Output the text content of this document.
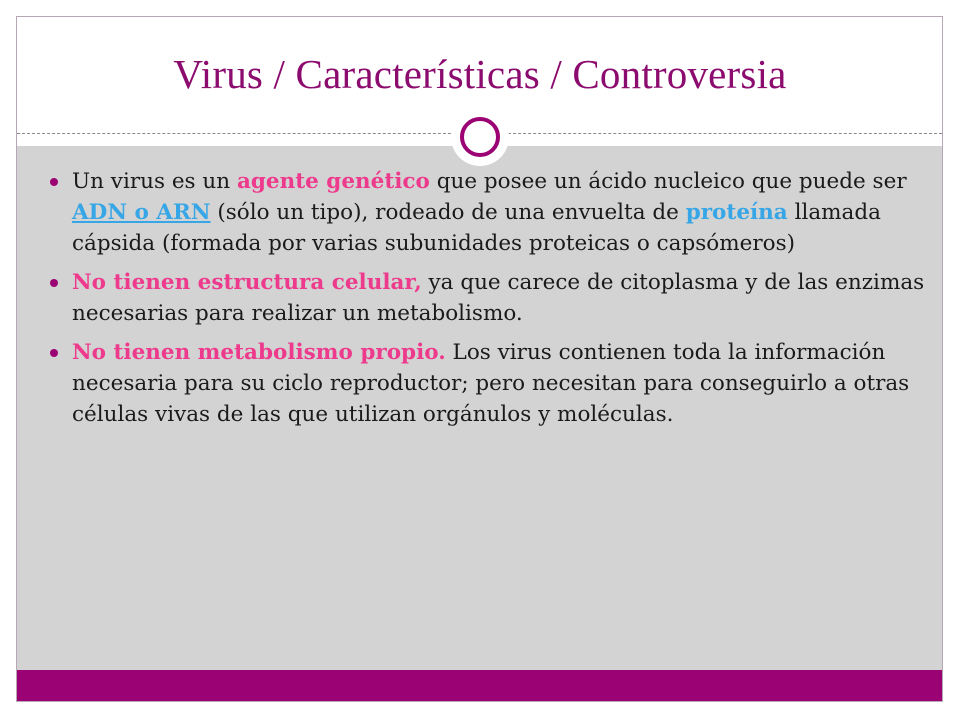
Virus / Características / Controversia
Un virus es un agente genético que posee un ácido nucleico que puede ser ADN o ARN (sólo un tipo), rodeado de una envuelta de proteína llamada cápsida (formada por varias subunidades proteicas o capsómeros)
No tienen estructura celular, ya que carece de citoplasma y de las enzimas necesarias para realizar un metabolismo.
No tienen metabolismo propio. Los virus contienen toda la información necesaria para su ciclo reproductor; pero necesitan para conseguirlo a otras células vivas de las que utilizan orgánulos y moléculas.
